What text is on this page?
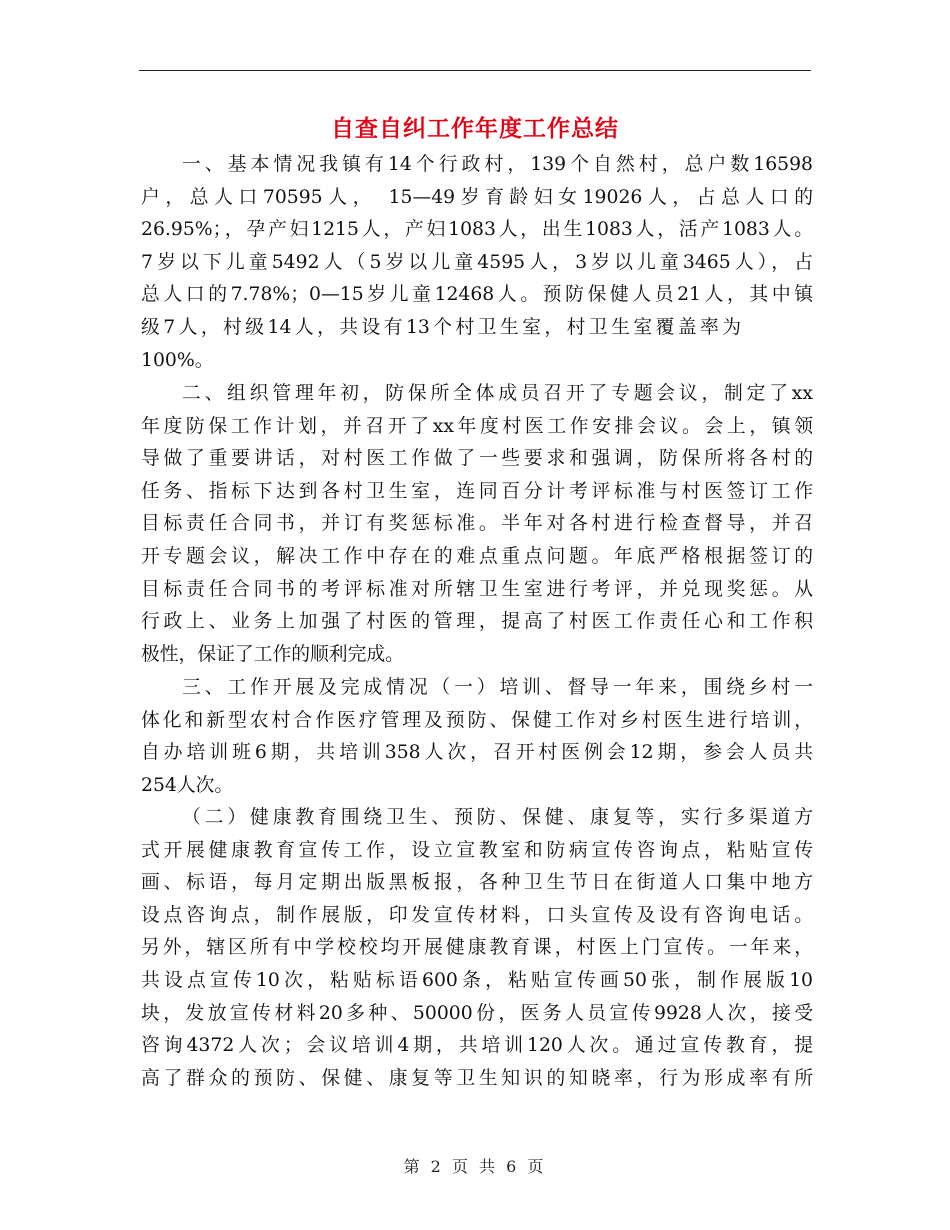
自查自纠工作年度工作总结
一、基本情况我镇有14个行政村，139个自然村，总户数16598
户，总人口70595人， 15—49岁育龄妇女19026人，占总人口的
26.95%；，孕产妇1215人，产妇1083人，出生1083人，活产1083人。
7岁以下儿童5492人（5岁以儿童4595人，3岁以儿童3465人），占
总人口的7.78%；0—15岁儿童12468人。预防保健人员21人，其中镇
级7人，村级14人，共设有13个村卫生室，村卫生室覆盖率为
100%。
二、组织管理年初，防保所全体成员召开了专题会议，制定了xx
年度防保工作计划，并召开了xx年度村医工作安排会议。会上，镇领
导做了重要讲话，对村医工作做了一些要求和强调，防保所将各村的
任务、指标下达到各村卫生室，连同百分计考评标准与村医签订工作
目标责任合同书，并订有奖惩标准。半年对各村进行检查督导，并召
开专题会议，解决工作中存在的难点重点问题。年底严格根据签订的
目标责任合同书的考评标准对所辖卫生室进行考评，并兑现奖惩。从
行政上、业务上加强了村医的管理，提高了村医工作责任心和工作积
极性，保证了工作的顺利完成。
三、工作开展及完成情况（一）培训、督导一年来，围绕乡村一
体化和新型农村合作医疗管理及预防、保健工作对乡村医生进行培训，
自办培训班6期，共培训358人次，召开村医例会12期，参会人员共
254人次。
（二）健康教育围绕卫生、预防、保健、康复等，实行多渠道方
式开展健康教育宣传工作，设立宣教室和防病宣传咨询点，粘贴宣传
画、标语，每月定期出版黑板报，各种卫生节日在街道人口集中地方
设点咨询点，制作展版，印发宣传材料，口头宣传及设有咨询电话。
另外，辖区所有中学校校均开展健康教育课，村医上门宣传。一年来，
共设点宣传10次，粘贴标语600条，粘贴宣传画50张，制作展版10
块，发放宣传材料20多种、50000份，医务人员宣传9928人次，接受
咨询4372人次；会议培训4期，共培训120人次。通过宣传教育，提
高了群众的预防、保健、康复等卫生知识的知晓率，行为形成率有所
第 2 页 共 6 页
